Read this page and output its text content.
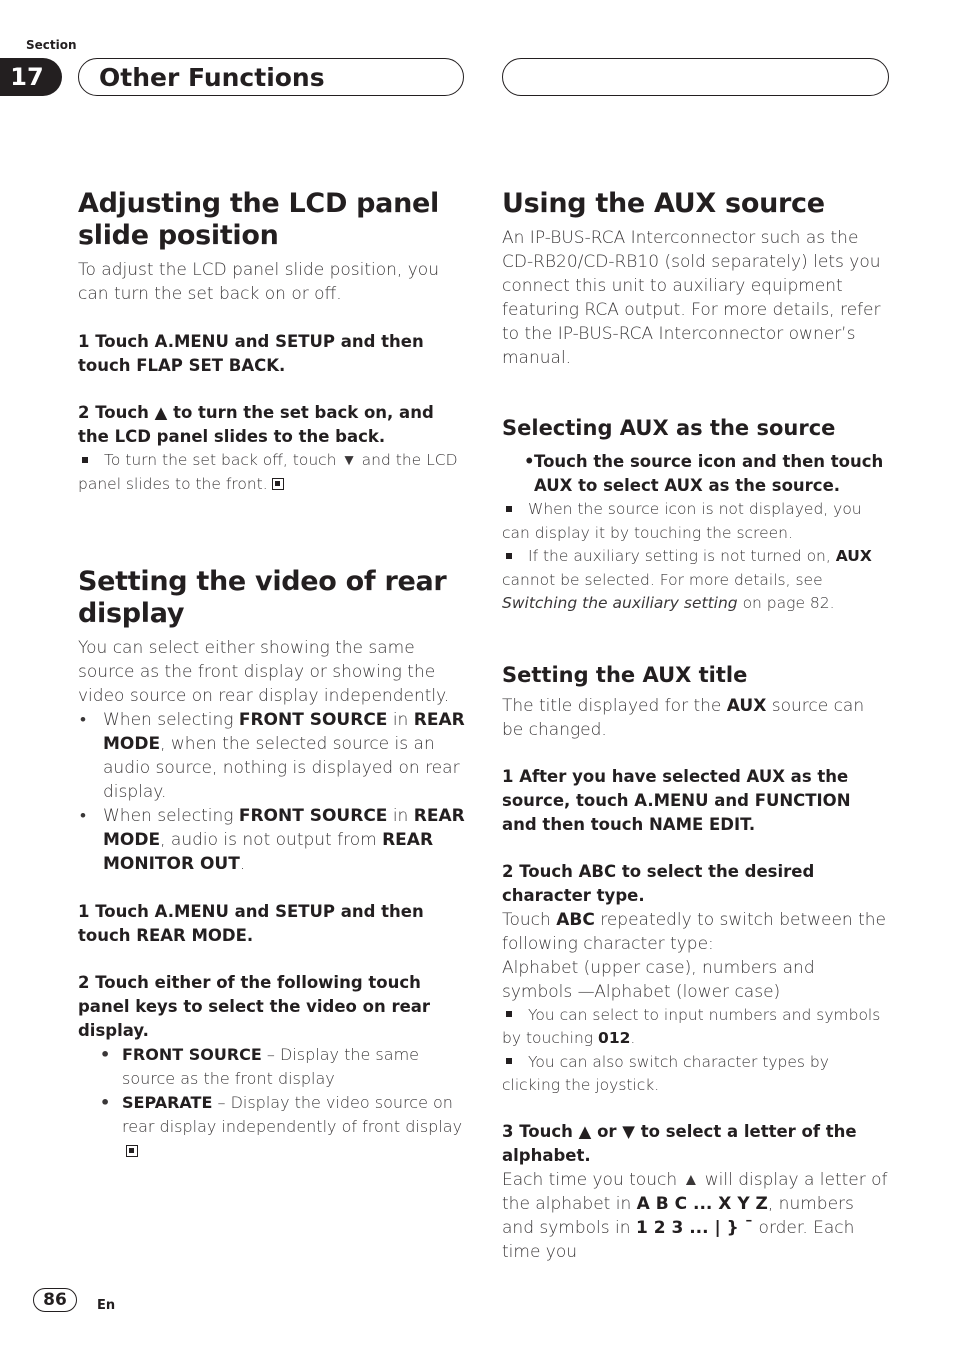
Section
17	Other Functions
Adjusting the LCD panel slide position

To adjust the LCD panel slide position, you can turn the set back on or off.

1 Touch A.MENU and SETUP and then touch FLAP SET BACK.

2 Touch ▲ to turn the set back on, and the LCD panel slides to the back.

To turn the set back off, touch ▼ and the LCD panel slides to the front.

Setting the video of rear display

You can select either showing the same source as the front display or showing the video source on rear display independently.

• When selecting FRONT SOURCE in REAR MODE, when the selected source is an audio source, nothing is displayed on rear display.

• When selecting FRONT SOURCE in REAR MODE, audio is not output from REAR MONITOR OUT.

1 Touch A.MENU and SETUP and then touch REAR MODE.

2 Touch either of the following touch panel keys to select the video on rear display.

• FRONT SOURCE – Display the same source as the front display

• SEPARATE – Display the video source on rear display independently of front display

Using the AUX source

An IP-BUS-RCA Interconnector such as the CD-RB20/CD-RB10 (sold separately) lets you connect this unit to auxiliary equipment featuring RCA output. For more details, refer to the IP-BUS-RCA Interconnector owner’s manual.

Selecting AUX as the source

• Touch the source icon and then touch AUX to select AUX as the source.

When the source icon is not displayed, you can display it by touching the screen.

If the auxiliary setting is not turned on, AUX cannot be selected. For more details, see Switching the auxiliary setting on page 82.

Setting the AUX title

The title displayed for the AUX source can be changed.

1 After you have selected AUX as the source, touch A.MENU and FUNCTION and then touch NAME EDIT.

2 Touch ABC to select the desired character type.

Touch ABC repeatedly to switch between the following character type:

Alphabet (upper case), numbers and symbols —Alphabet (lower case)

You can select to input numbers and symbols by touching 012.

You can also switch character types by clicking the joystick.

3 Touch ▲ or ▼ to select a letter of the alphabet.

Each time you touch ▲ will display a letter of the alphabet in A B C ... X Y Z, numbers and symbols in 1 2 3 ... | } ¯ order. Each time you

86	En
